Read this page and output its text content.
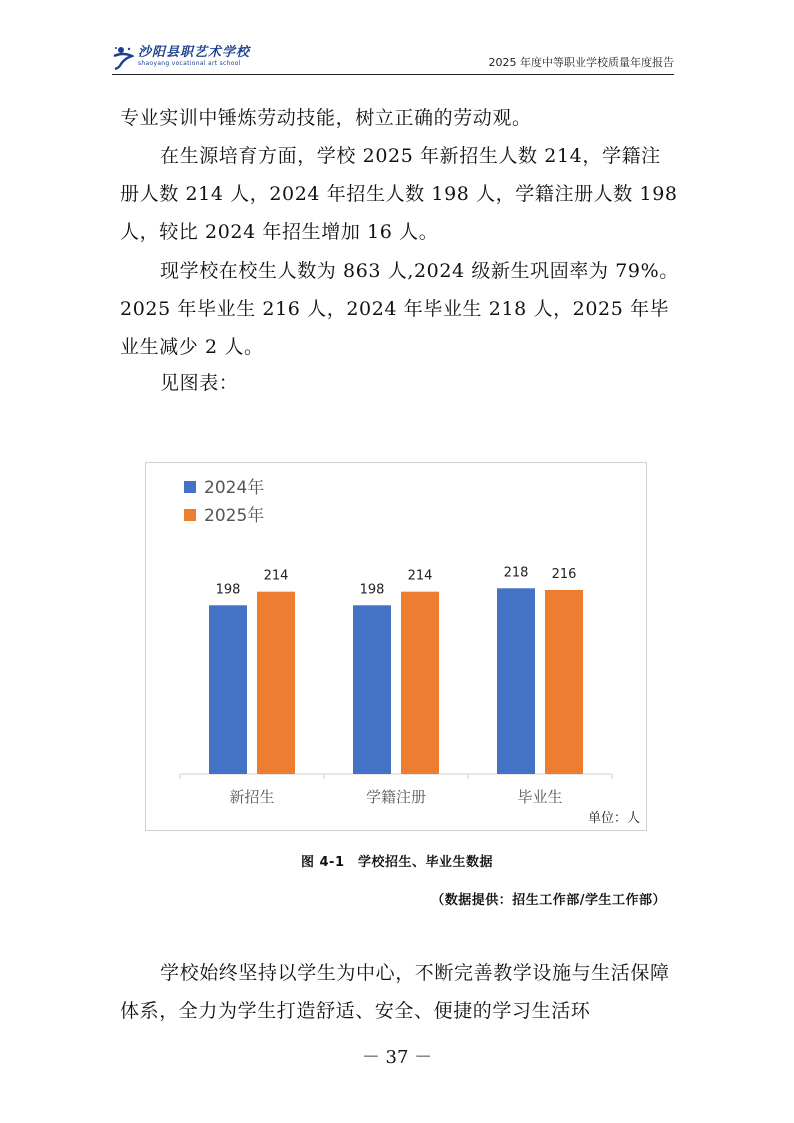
沙阳县职艺术学校
shaoyang vocational art school	2025 年度中等职业学校质量年度报告
专业实训中锤炼劳动技能，树立正确的劳动观。
在生源培育方面，学校 2025 年新招生人数 214，学籍注册人数 214 人，2024 年招生人数 198 人，学籍注册人数 198 人，较比 2024 年招生增加 16 人。
现学校在校生人数为 863 人,2024 级新生巩固率为 79%。2025 年毕业生 216 人，2024 年毕业生 218 人，2025 年毕业生减少 2 人。
见图表：
198
214
新招生
198
214
学籍注册
218 216
毕业生
2024年
2025年
单位：人
图 4-1　学校招生、毕业生数据
（数据提供：招生工作部/学生工作部）
学校始终坚持以学生为中心，不断完善教学设施与生活保障体系，全力为学生打造舒适、安全、便捷的学习生活环
－ 37 －
